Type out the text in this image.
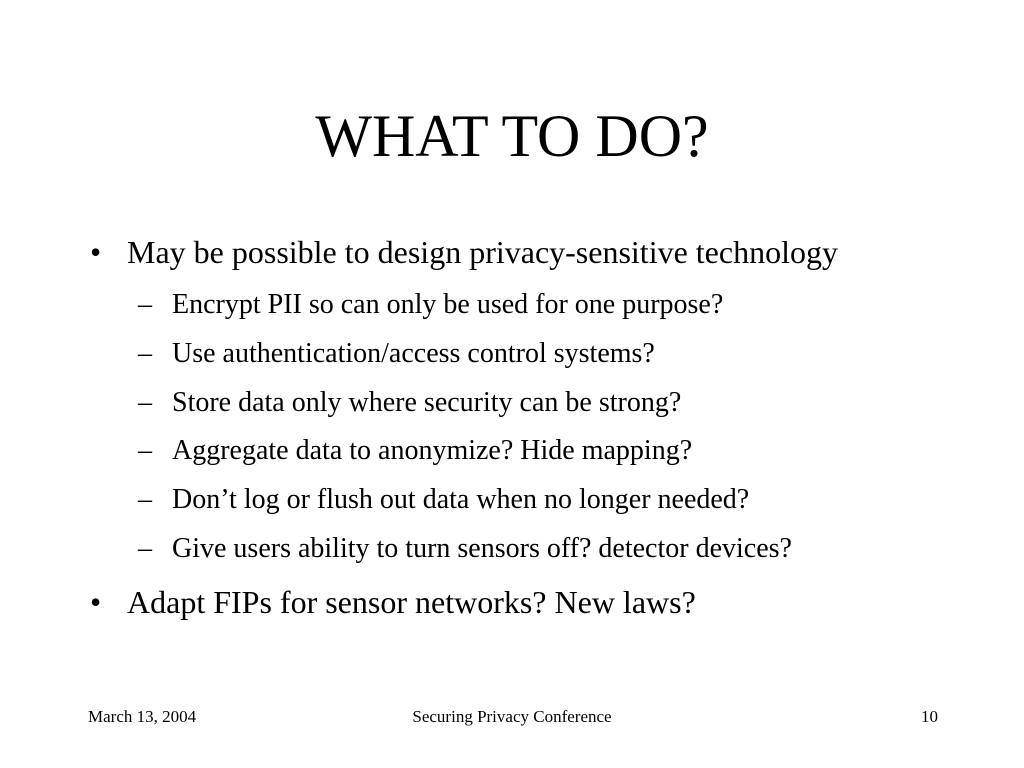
WHAT TO DO?

• May be possible to design privacy-sensitive technology

– Encrypt PII so can only be used for one purpose?

– Use authentication/access control systems?

– Store data only where security can be strong?

– Aggregate data to anonymize? Hide mapping?

– Don’t log or flush out data when no longer needed?

– Give users ability to turn sensors off? detector devices?

• Adapt FIPs for sensor networks? New laws?

March 13, 2004	Securing Privacy Conference	10
